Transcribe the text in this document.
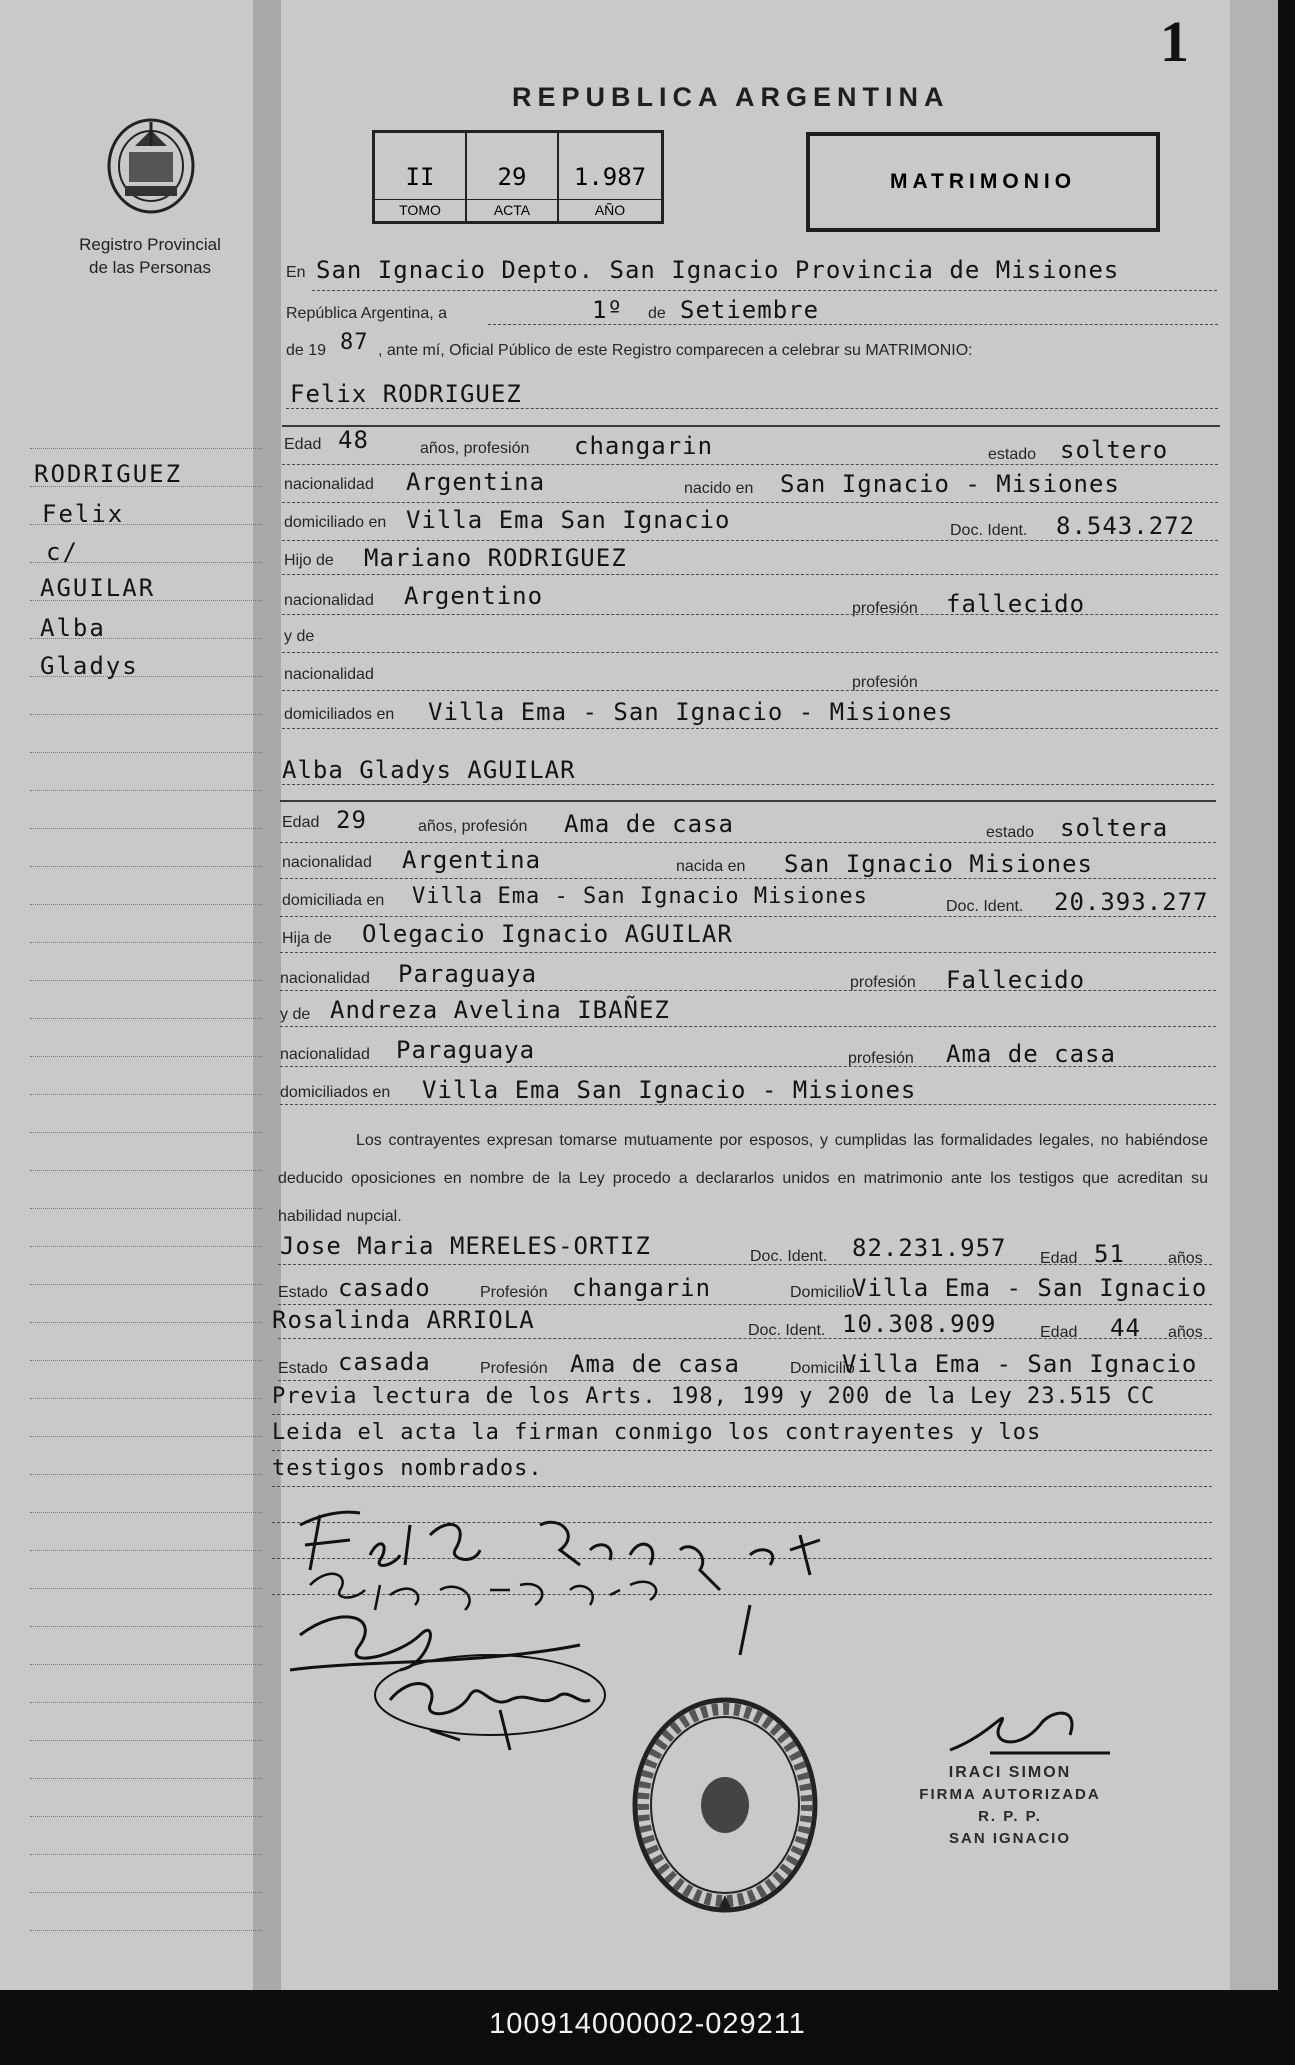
1
REPUBLICA ARGENTINA
Registro Provincial
de las Personas
II
TOMO
29
ACTA
1.987
AÑO
MATRIMONIO
RODRIGUEZ
Felix
c/
AGUILAR
Alba
Gladys
En San Ignacio Depto. San Ignacio Provincia de Misiones
República Argentina, a	1º de Setiembre
de 19 87 , ante mí, Oficial Público de este Registro comparecen a celebrar su MATRIMONIO:
Felix RODRIGUEZ
Edad 48	años, profesión changarin	estado soltero
nacionalidad Argentina	nacido en San Ignacio - Misiones
domiciliado en Villa Ema San Ignacio	Doc. Ident. 8.543.272
Hijo de Mariano RODRIGUEZ
nacionalidad Argentino	profesión fallecido
y de
nacionalidad	profesión
domiciliados en Villa Ema - San Ignacio - Misiones
Alba Gladys AGUILAR
Edad 29	años, profesión Ama de casa	estado soltera
nacionalidad Argentina	nacida en San Ignacio Misiones
domiciliada en Villa Ema - San Ignacio Misiones	Doc. Ident. 20.393.277
Hija de Olegacio Ignacio AGUILAR
nacionalidad Paraguaya	profesión Fallecido
y de Andreza Avelina IBAÑEZ
nacionalidad Paraguaya	profesión Ama de casa
domiciliados en Villa Ema San Ignacio - Misiones
Los contrayentes expresan tomarse mutuamente por esposos, y cumplidas las formalidades legales, no habiéndose deducido oposiciones en nombre de la Ley procedo a declararlos unidos en matrimonio ante los testigos que acreditan su habilidad nupcial.
Jose Maria MERELES-ORTIZ	Doc. Ident. 82.231.957 Edad 51	años
Estado casado	Profesión changarin	Domicilio
Villa Ema - San Ignacio
Rosalinda ARRIOLA	Doc. Ident. 10.308.909	Edad 44 años
Estado casada	Profesión Ama de casa	Domicilio
Villa Ema - San Ignacio
Previa lectura de los Arts. 198, 199 y 200 de la Ley 23.515 CC
Leida el acta la firman conmigo los contrayentes y los
testigos nombrados.
IRACI SIMON
FIRMA AUTORIZADA
R. P. P.
SAN IGNACIO
100914000002-029211
